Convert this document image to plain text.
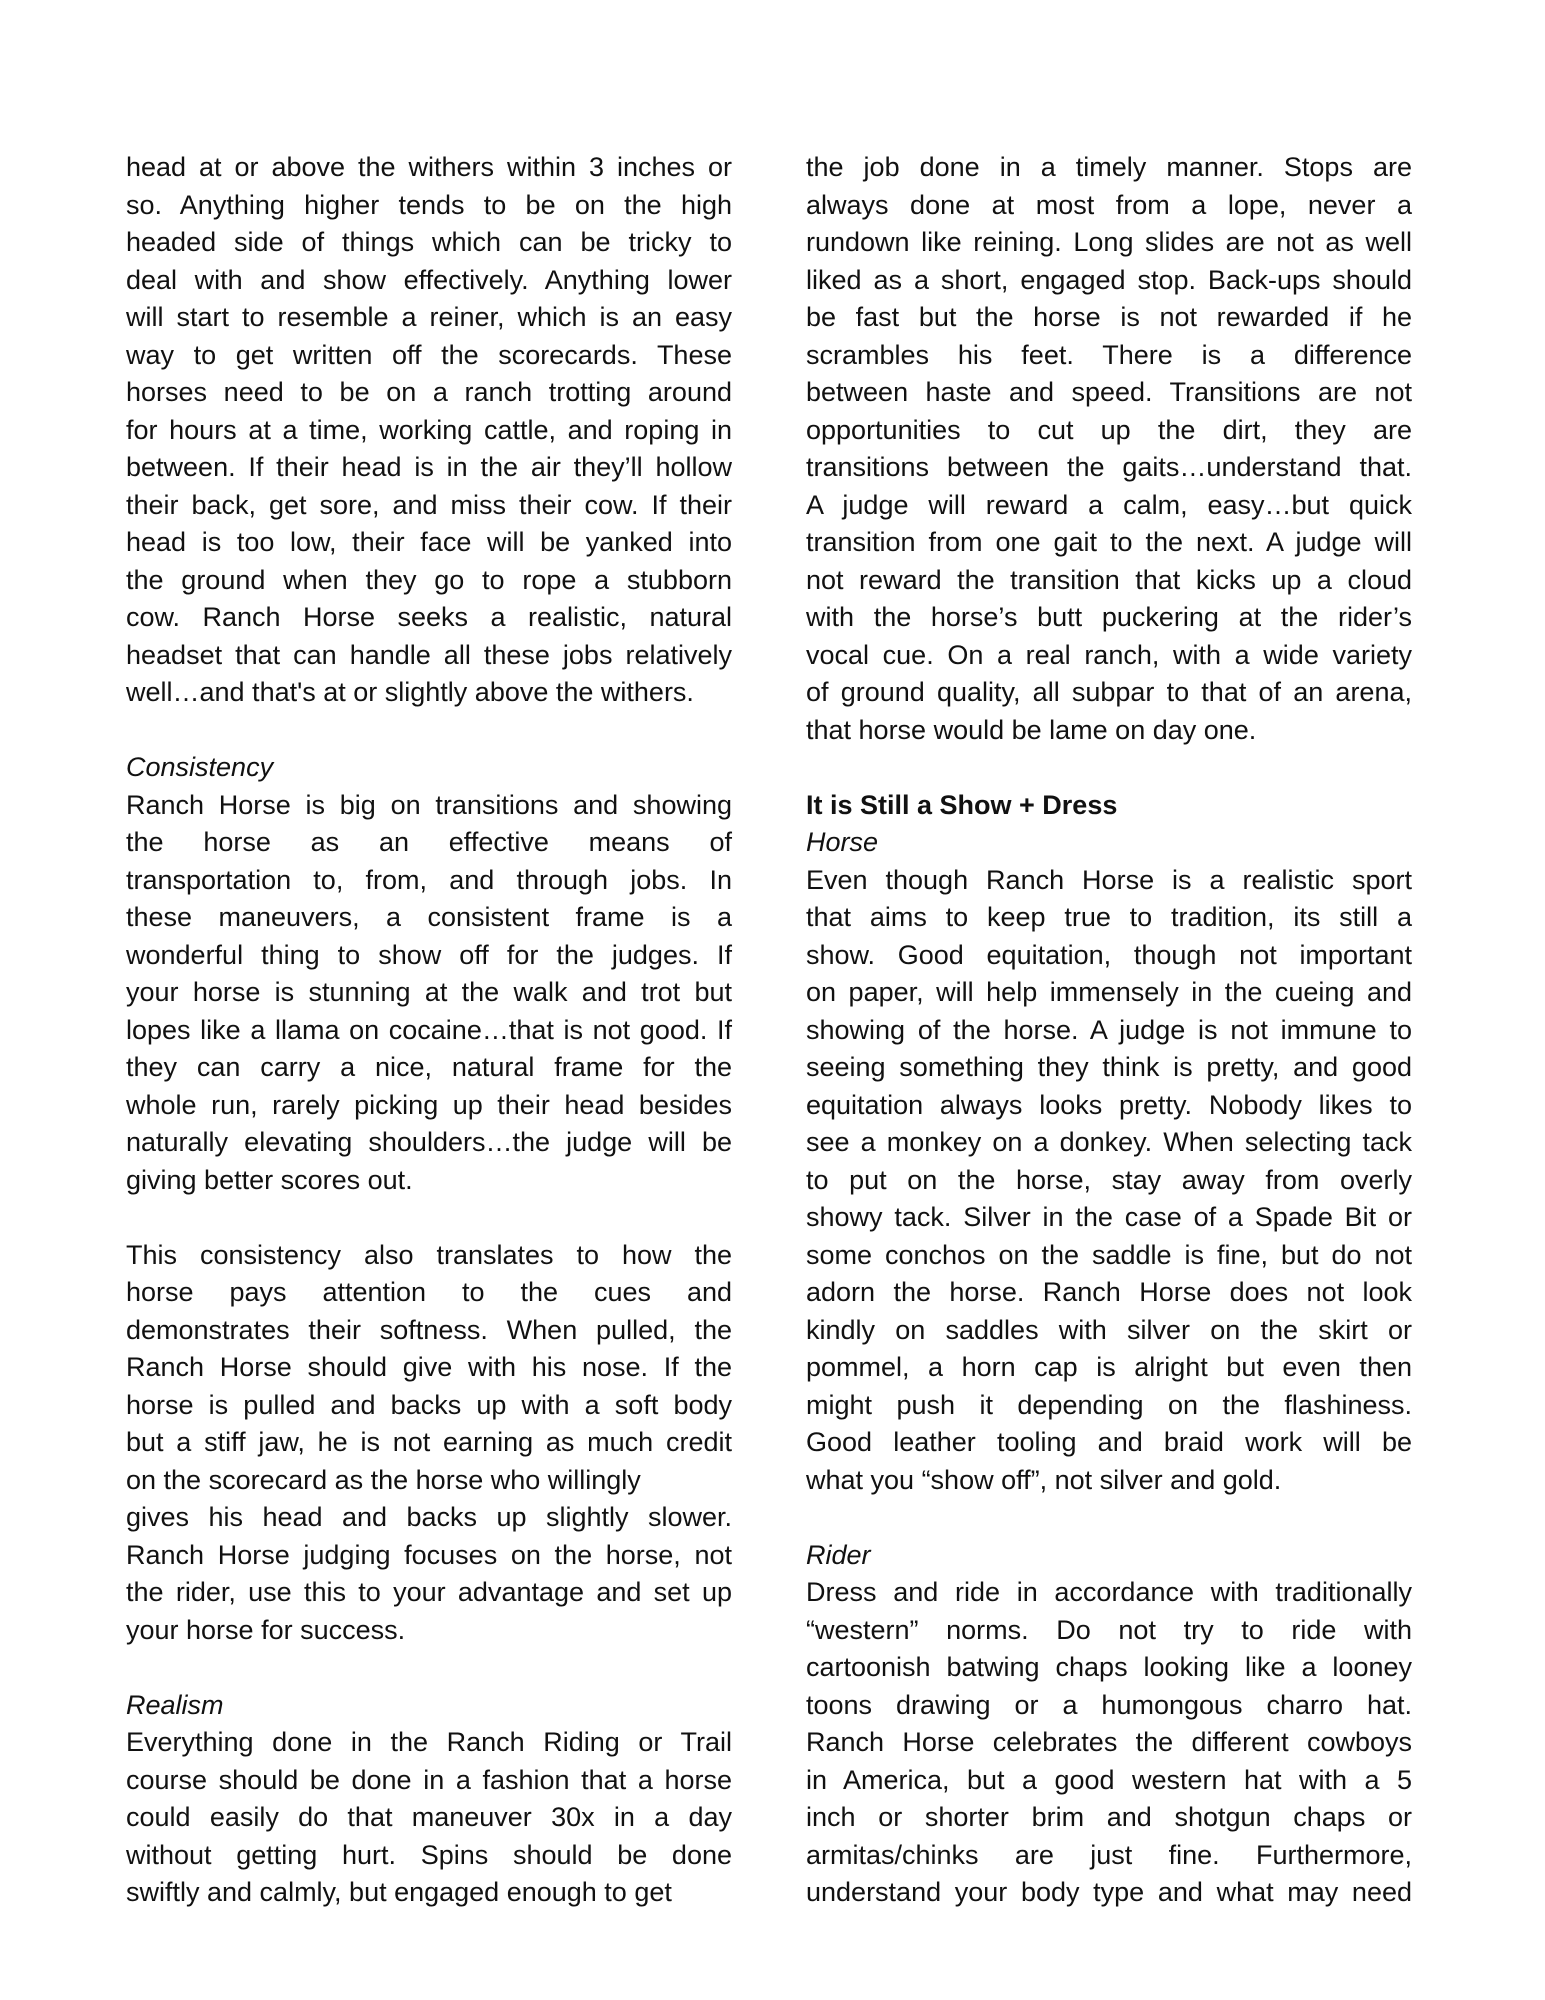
head at or above the withers within 3 inches or
so. Anything higher tends to be on the high
headed side of things which can be tricky to
deal with and show effectively. Anything lower
will start to resemble a reiner, which is an easy
way to get written off the scorecards. These
horses need to be on a ranch trotting around
for hours at a time, working cattle, and roping in
between. If their head is in the air they’ll hollow
their back, get sore, and miss their cow. If their
head is too low, their face will be yanked into
the ground when they go to rope a stubborn
cow. Ranch Horse seeks a realistic, natural
headset that can handle all these jobs relatively
well…and that's at or slightly above the withers.
Consistency
Ranch Horse is big on transitions and showing
the horse as an effective means of
transportation to, from, and through jobs. In
these maneuvers, a consistent frame is a
wonderful thing to show off for the judges. If
your horse is stunning at the walk and trot but
lopes like a llama on cocaine…that is not good. If
they can carry a nice, natural frame for the
whole run, rarely picking up their head besides
naturally elevating shoulders…the judge will be
giving better scores out.
This consistency also translates to how the
horse pays attention to the cues and
demonstrates their softness. When pulled, the
Ranch Horse should give with his nose. If the
horse is pulled and backs up with a soft body
but a stiff jaw, he is not earning as much credit
on the scorecard as the horse who willingly
gives his head and backs up slightly slower.
Ranch Horse judging focuses on the horse, not
the rider, use this to your advantage and set up
your horse for success.
Realism
Everything done in the Ranch Riding or Trail
course should be done in a fashion that a horse
could easily do that maneuver 30x in a day
without getting hurt. Spins should be done
swiftly and calmly, but engaged enough to get
the job done in a timely manner. Stops are
always done at most from a lope, never a
rundown like reining. Long slides are not as well
liked as a short, engaged stop. Back-ups should
be fast but the horse is not rewarded if he
scrambles his feet. There is a difference
between haste and speed. Transitions are not
opportunities to cut up the dirt, they are
transitions between the gaits…understand that.
A judge will reward a calm, easy…but quick
transition from one gait to the next. A judge will
not reward the transition that kicks up a cloud
with the horse’s butt puckering at the rider’s
vocal cue. On a real ranch, with a wide variety
of ground quality, all subpar to that of an arena,
that horse would be lame on day one.
It is Still a Show + Dress
Horse
Even though Ranch Horse is a realistic sport
that aims to keep true to tradition, its still a
show. Good equitation, though not important
on paper, will help immensely in the cueing and
showing of the horse. A judge is not immune to
seeing something they think is pretty, and good
equitation always looks pretty. Nobody likes to
see a monkey on a donkey. When selecting tack
to put on the horse, stay away from overly
showy tack. Silver in the case of a Spade Bit or
some conchos on the saddle is fine, but do not
adorn the horse. Ranch Horse does not look
kindly on saddles with silver on the skirt or
pommel, a horn cap is alright but even then
might push it depending on the flashiness.
Good leather tooling and braid work will be
what you “show off”, not silver and gold.
Rider
Dress and ride in accordance with traditionally
“western” norms. Do not try to ride with
cartoonish batwing chaps looking like a looney
toons drawing or a humongous charro hat.
Ranch Horse celebrates the different cowboys
in America, but a good western hat with a 5
inch or shorter brim and shotgun chaps or
armitas/chinks are just fine. Furthermore,
understand your body type and what may need
